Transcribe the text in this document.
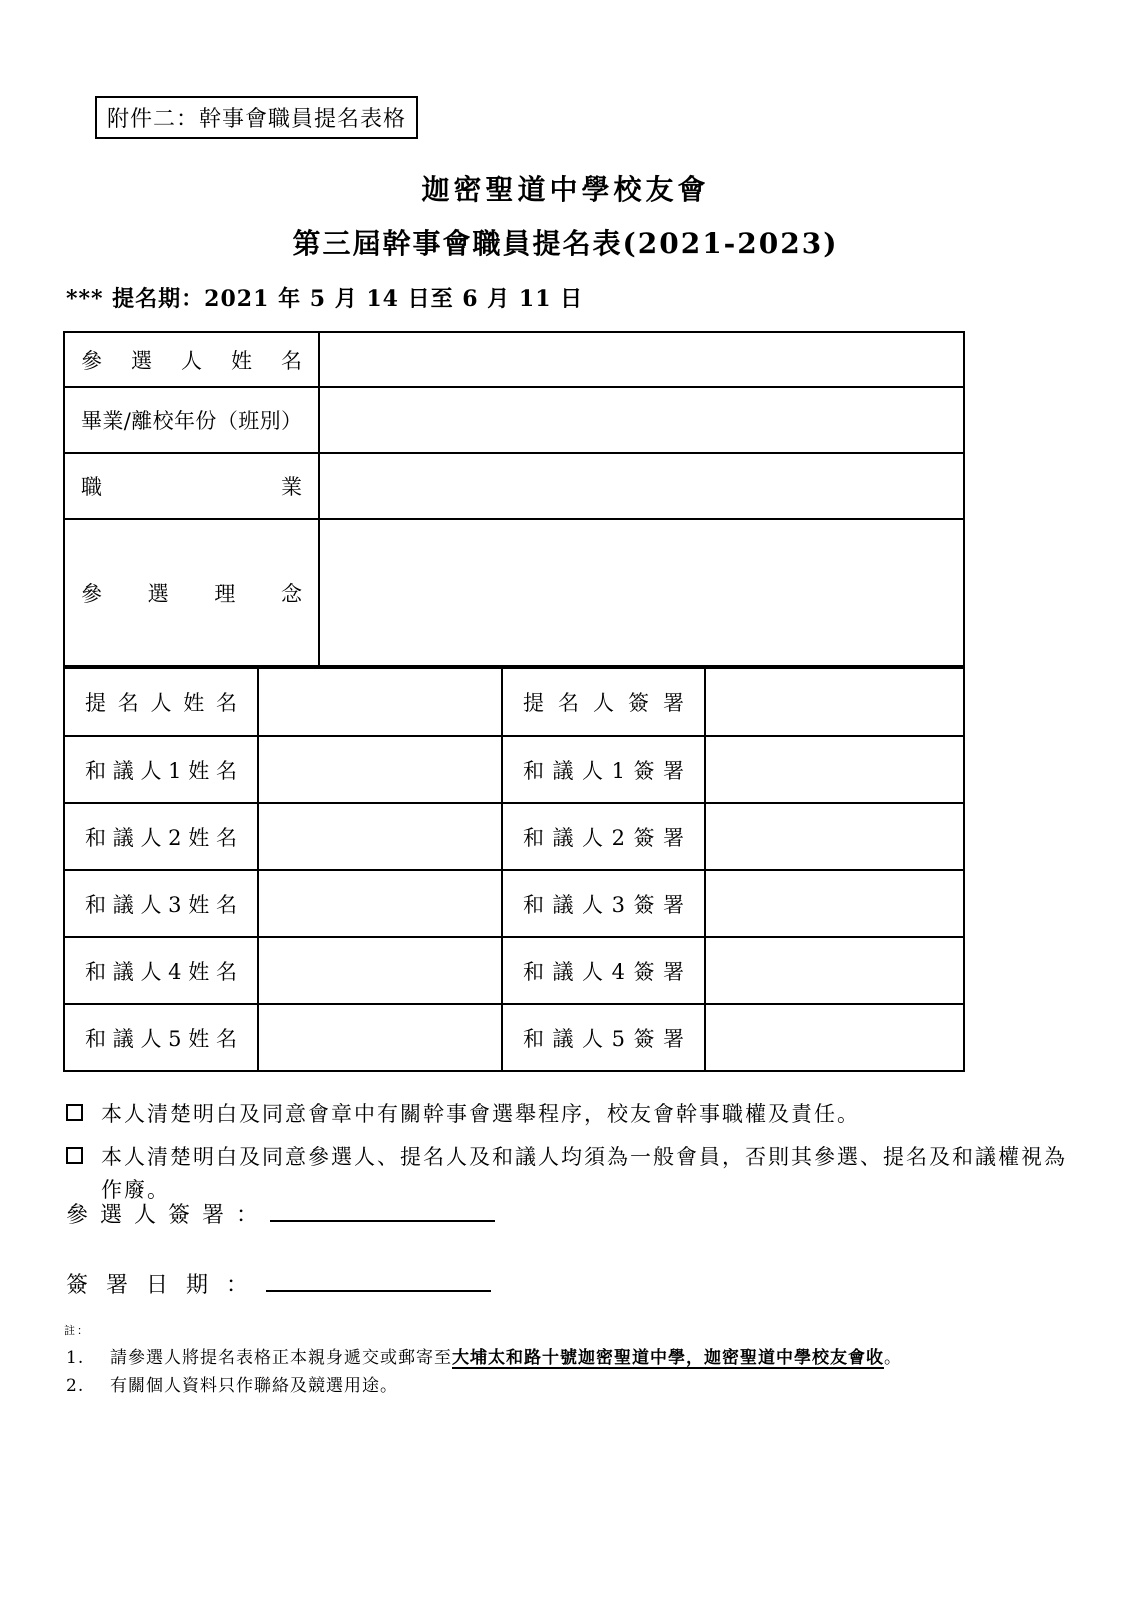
附件二：幹事會職員提名表格
迦密聖道中學校友會
第三屆幹事會職員提名表(2021-2023)
*** 提名期：2021 年 5 月 14 日至 6 月 11 日
參選人姓名	
畢業/離校年份（班別）	
職業	
參選理念	
提名人姓名		提名人簽署	
和議人1姓名		和議人1簽署	
和議人2姓名		和議人2簽署	
和議人3姓名		和議人3簽署	
和議人4姓名		和議人4簽署	
和議人5姓名		和議人5簽署	
本人清楚明白及同意會章中有關幹事會選舉程序，校友會幹事職權及責任。
本人清楚明白及同意參選人、提名人及和議人均須為一般會員，否則其參選、提名及和議權視為作廢。
參選人簽署：
簽署日期：
註：
1.	請參選人將提名表格正本親身遞交或郵寄至大埔太和路十號迦密聖道中學，迦密聖道中學校友會收。
2.	有關個人資料只作聯絡及競選用途。
